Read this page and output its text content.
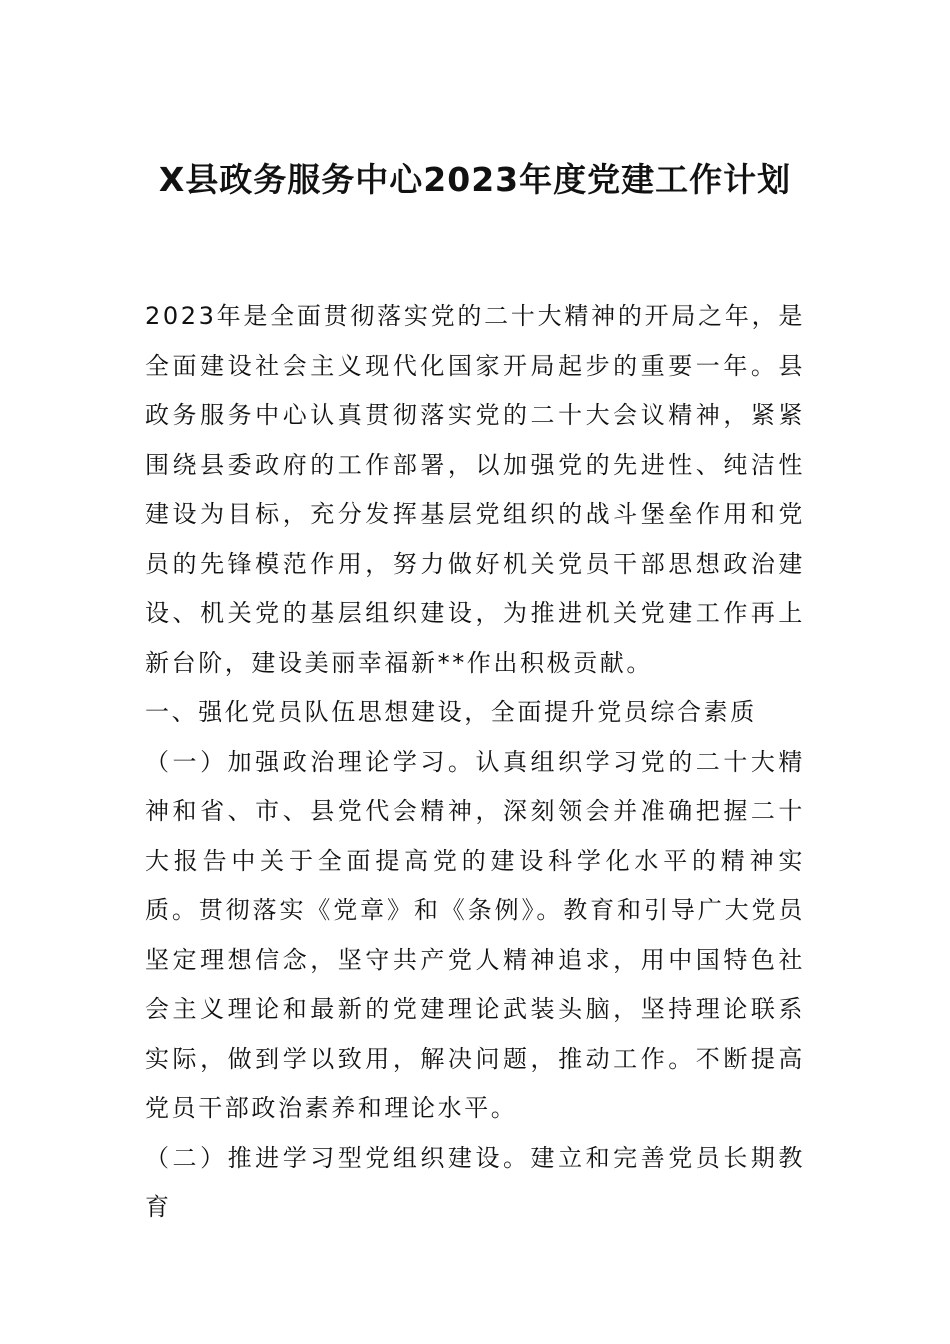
X县政务服务中心2023年度党建工作计划

2023年是全面贯彻落实党的二十大精神的开局之年，是全面建设社会主义现代化国家开局起步的重要一年。县政务服务中心认真贯彻落实党的二十大会议精神，紧紧围绕县委政府的工作部署，以加强党的先进性、纯洁性建设为目标，充分发挥基层党组织的战斗堡垒作用和党员的先锋模范作用，努力做好机关党员干部思想政治建设、机关党的基层组织建设，为推进机关党建工作再上新台阶，建设美丽幸福新**作出积极贡献。

一、强化党员队伍思想建设，全面提升党员综合素质

（一）加强政治理论学习。认真组织学习党的二十大精神和省、市、县党代会精神，深刻领会并准确把握二十大报告中关于全面提高党的建设科学化水平的精神实质。贯彻落实《党章》和《条例》。教育和引导广大党员坚定理想信念，坚守共产党人精神追求，用中国特色社会主义理论和最新的党建理论武装头脑，坚持理论联系实际，做到学以致用，解决问题，推动工作。不断提高党员干部政治素养和理论水平。

（二）推进学习型党组织建设。建立和完善党员长期教育
